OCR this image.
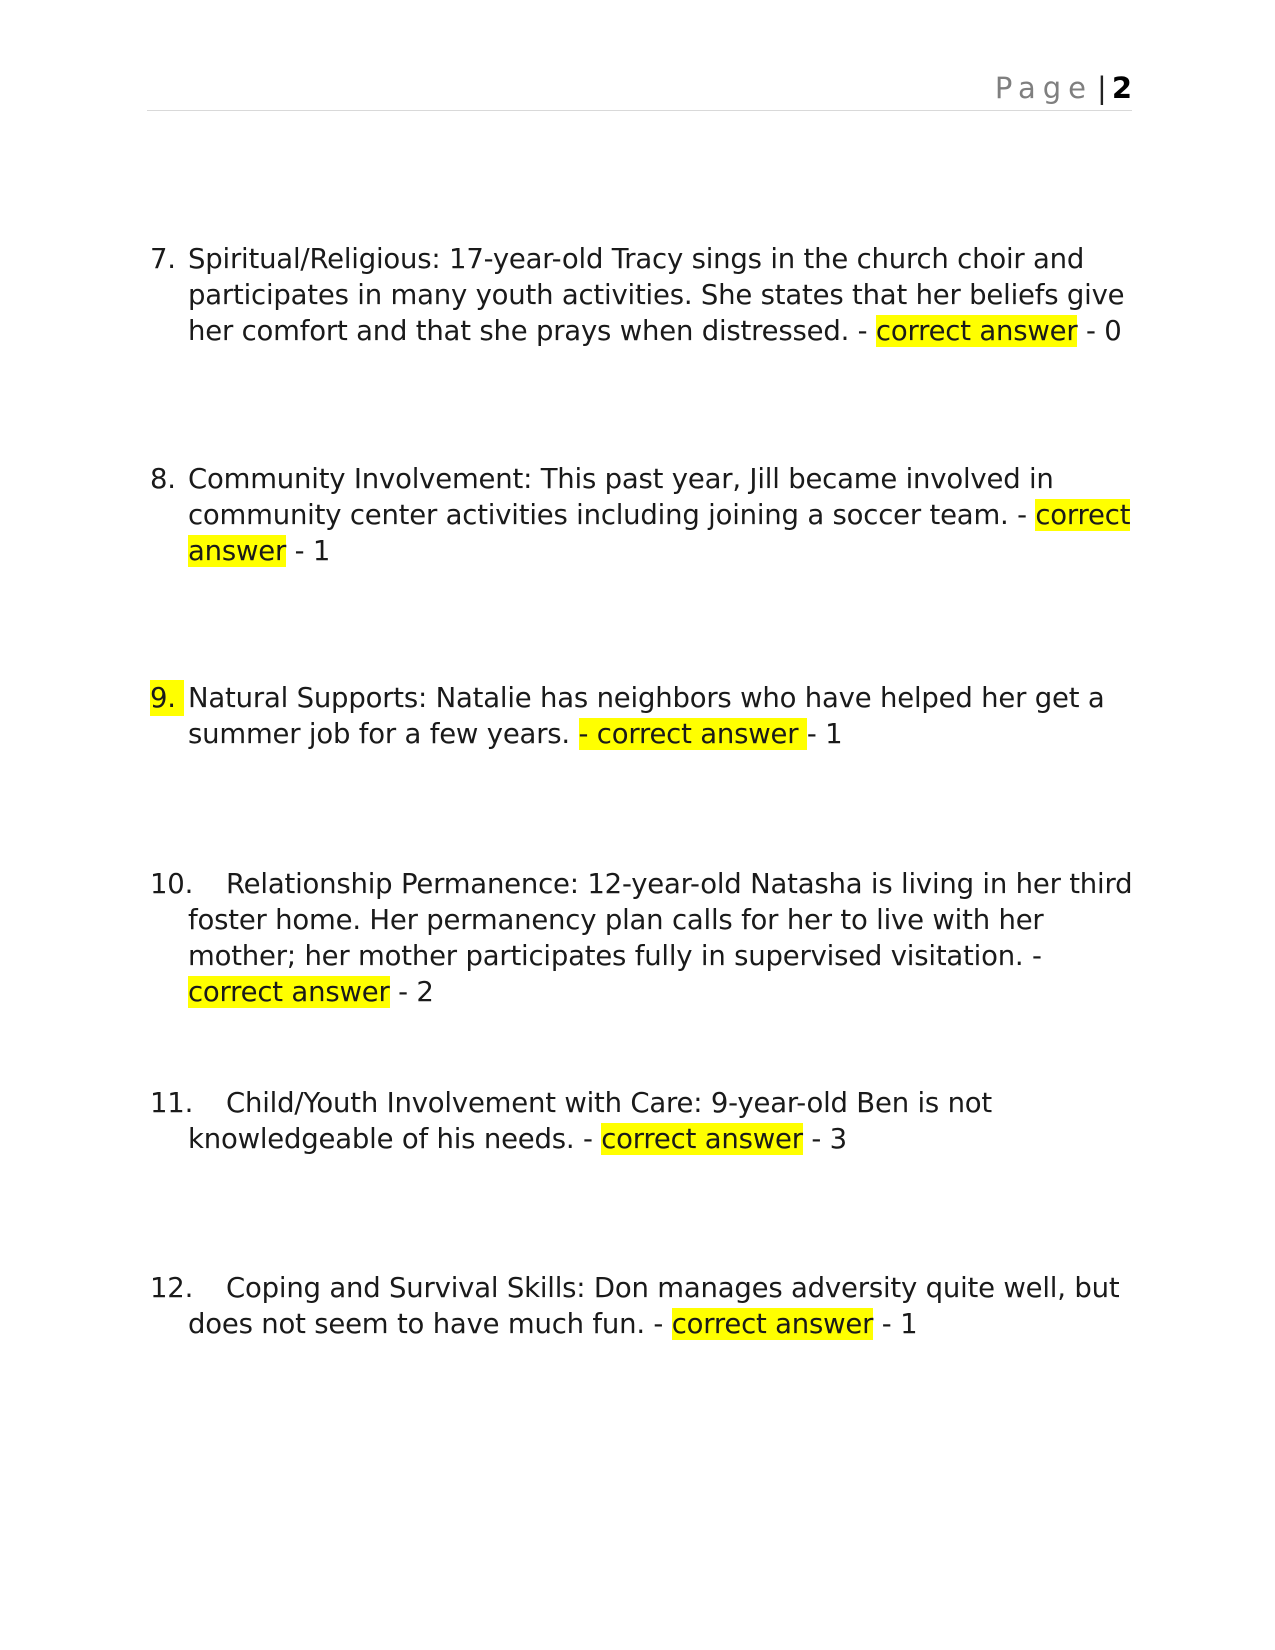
Page | 2
7. Spiritual/Religious: 17-year-old Tracy sings in the church choir and participates in many youth activities. She states that her beliefs give her comfort and that she prays when distressed. - correct answer - 0
8. Community Involvement: This past year, Jill became involved in community center activities including joining a soccer team. - correct answer - 1
9. Natural Supports: Natalie has neighbors who have helped her get a summer job for a few years. - correct answer - 1
10.	Relationship Permanence: 12-year-old Natasha is living in her third foster home. Her permanency plan calls for her to live with her mother; her mother participates fully in supervised visitation. - correct answer - 2
11.	Child/Youth Involvement with Care: 9-year-old Ben is not knowledgeable of his needs. - correct answer - 3
12.	Coping and Survival Skills: Don manages adversity quite well, but does not seem to have much fun. - correct answer - 1
